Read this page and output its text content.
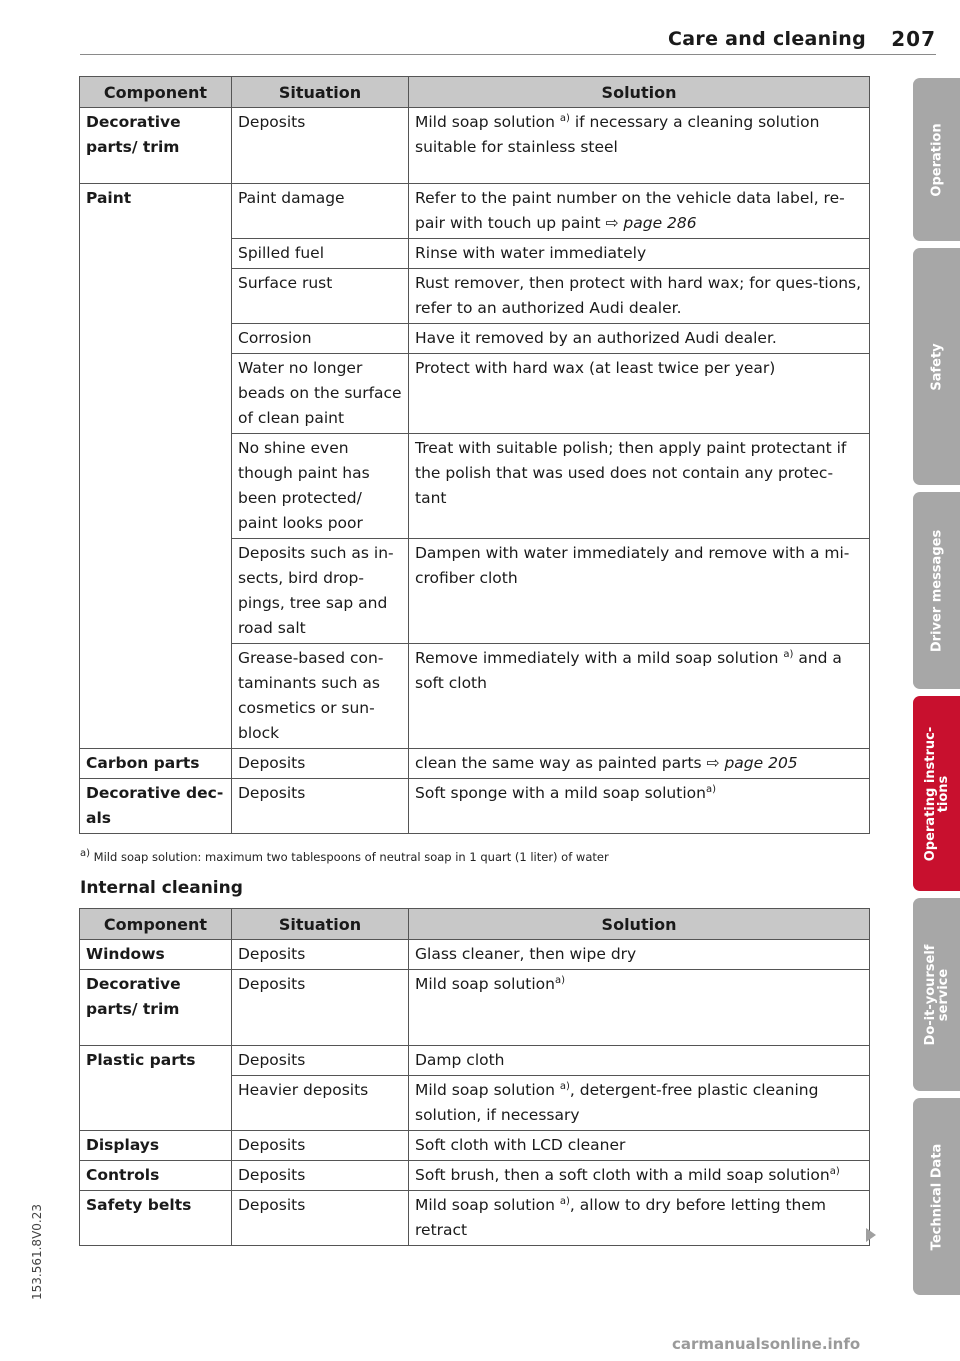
Care and cleaning 207
Component	Situation	Solution
Decorative parts/ trim	Deposits	Mild soap solution $^{a)}$ if necessary a cleaning solution suitable for stainless steel
Paint	Paint damage	Refer to the paint number on the vehicle data label, re-pair with touch up paint ⇨ page 286
	Spilled fuel	Rinse with water immediately
	Surface rust	Rust remover, then protect with hard wax; for ques-tions, refer to an authorized Audi dealer.
	Corrosion	Have it removed by an authorized Audi dealer.
	Water no longer beads on the surface of clean paint	Protect with hard wax (at least twice per year)
	No shine even though paint has been protected/ paint looks poor	Treat with suitable polish; then apply paint protectant if the polish that was used does not contain any protec-tant
	Deposits such as in-sects, bird drop-pings, tree sap and road salt	Dampen with water immediately and remove with a mi-crofiber cloth
	Grease-based con-taminants such as cosmetics or sun-block	Remove immediately with a mild soap solution $^{a)}$ and a soft cloth
Carbon parts	Deposits	clean the same way as painted parts ⇨ page 205
Decorative dec-als	Deposits	Soft sponge with a mild soap solution$^{a)}$
$^{a)}$ Mild soap solution: maximum two tablespoons of neutral soap in 1 quart (1 liter) of water
Internal cleaning
Component	Situation	Solution
Windows	Deposits	Glass cleaner, then wipe dry
Decorative parts/ trim	Deposits	Mild soap solution$^{a)}$
Plastic parts	Deposits	Damp cloth
	Heavier deposits	Mild soap solution $^{a)}$, detergent-free plastic cleaning solution, if necessary
Displays	Deposits	Soft cloth with LCD cleaner
Controls	Deposits	Soft brush, then a soft cloth with a mild soap solution$^{a)}$
Safety belts	Deposits	Mild soap solution $^{a)}$, allow to dry before letting them retract
Operation
Safety
Driver messages
Operating instruc-
tions
Do-it-yourself
service
Technical Data
153.561.8V0.23
carmanualsonline.info
